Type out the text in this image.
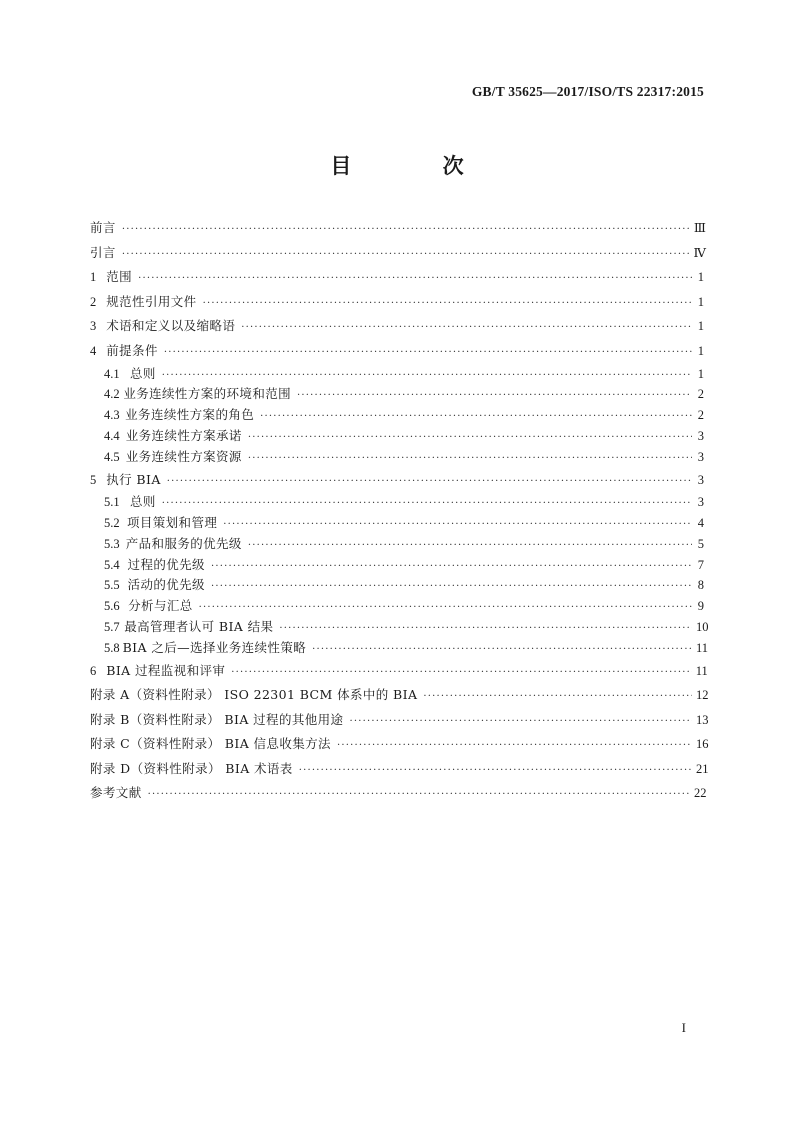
GB/T 35625—2017/ISO/TS 22317:2015
目 次
前言 ·····	Ⅲ
引言 ·····	Ⅳ
1 范围 ·····	1
2 规范性引用文件 ·····	1
3 术语和定义以及缩略语 ·····	1
4 前提条件 ·····	1
4.1 总则 ·····	1
4.2 业务连续性方案的环境和范围 ·····	2
4.3 业务连续性方案的角色 ·····	2
4.4 业务连续性方案承诺 ·····	3
4.5 业务连续性方案资源 ·····	3
5 执行 BIA ·····	3
5.1 总则 ·····	3
5.2 项目策划和管理 ·····	4
5.3 产品和服务的优先级 ·····	5
5.4 过程的优先级 ·····	7
5.5 活动的优先级 ·····	8
5.6 分析与汇总 ·····	9
5.7 最高管理者认可 BIA 结果 ·····	10
5.8 BIA 之后—选择业务连续性策略 ·····	11
6 BIA 过程监视和评审 ·····	11
附录 A（资料性附录） ISO 22301 BCM 体系中的 BIA ·····	12
附录 B（资料性附录） BIA 过程的其他用途 ·····	13
附录 C（资料性附录） BIA 信息收集方法 ·····	16
附录 D（资料性附录） BIA 术语表 ·····	21
参考文献 ·····	22
I
